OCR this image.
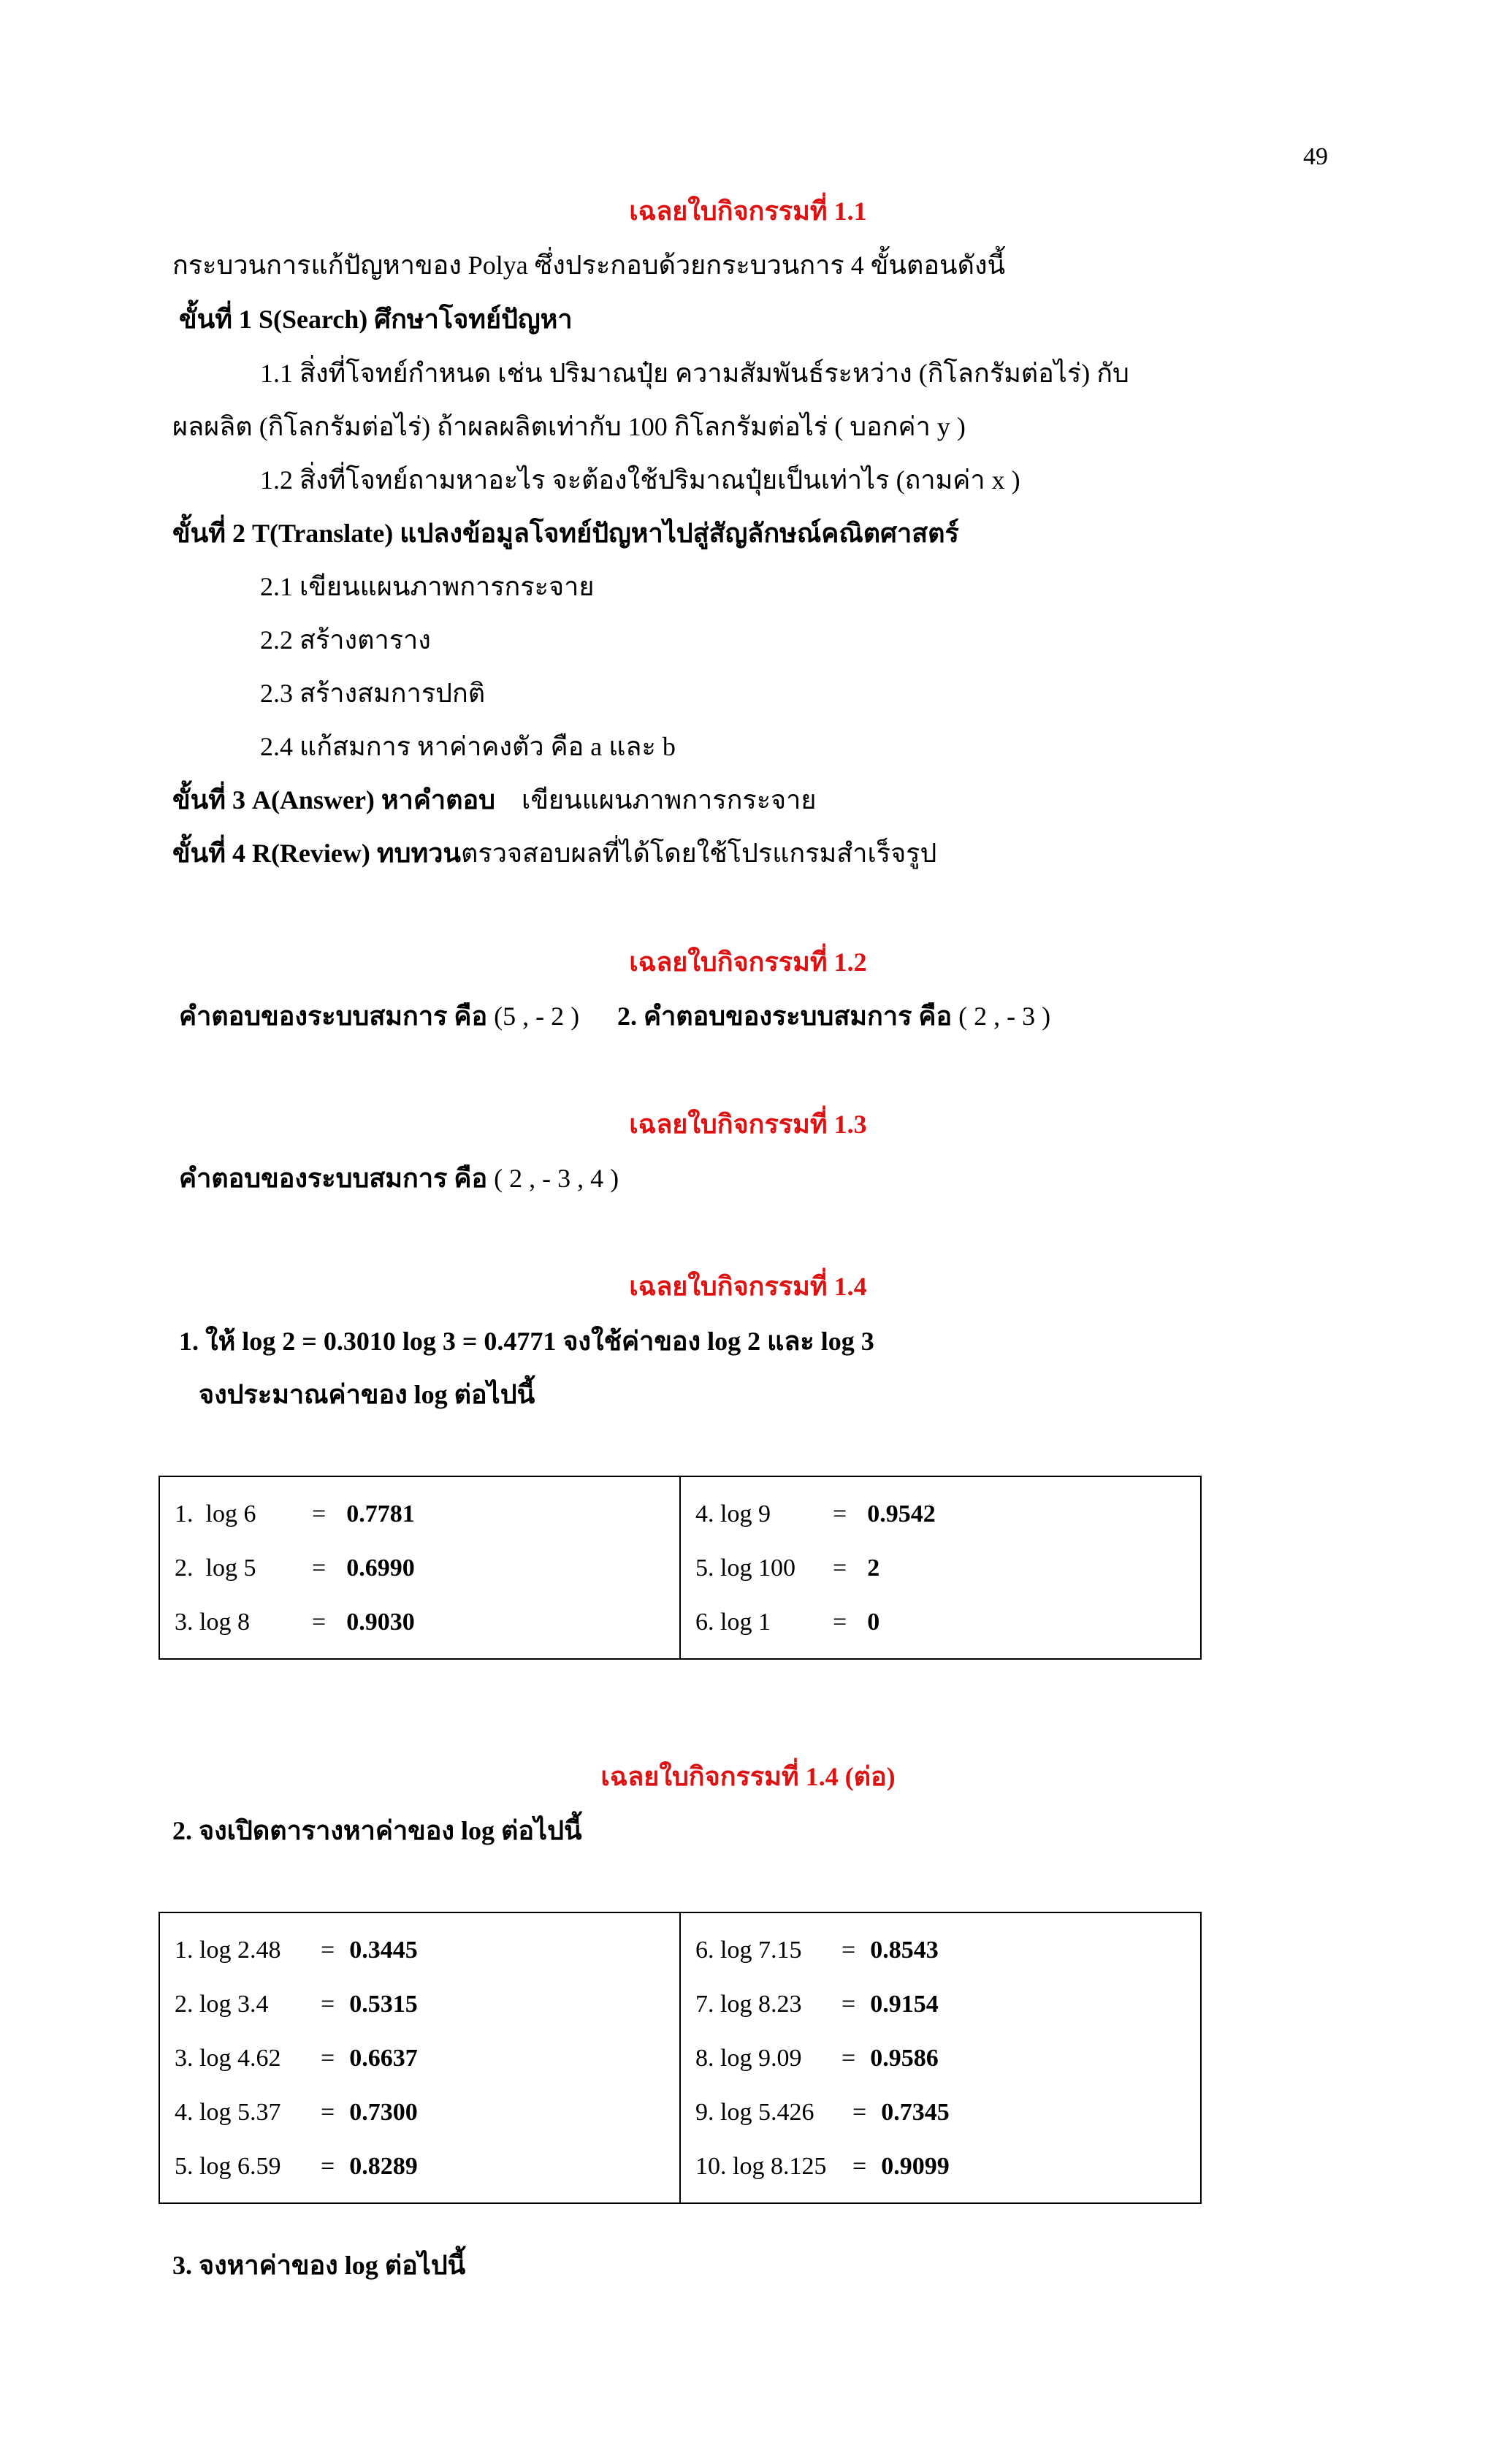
49
เฉลยใบกิจกรรมที่ 1.1
กระบวนการแก้ปัญหาของ Polya ซึ่งประกอบด้วยกระบวนการ 4 ขั้นตอนดังนี้
ขั้นที่ 1 S(Search) ศึกษาโจทย์ปัญหา
1.1 สิ่งที่โจทย์กำหนด เช่น ปริมาณปุ๋ย ความสัมพันธ์ระหว่าง (กิโลกรัมต่อไร่) กับ
ผลผลิต (กิโลกรัมต่อไร่) ถ้าผลผลิตเท่ากับ 100 กิโลกรัมต่อไร่ ( บอกค่า y )
1.2 สิ่งที่โจทย์ถามหาอะไร จะต้องใช้ปริมาณปุ๋ยเป็นเท่าไร (ถามค่า x )
ขั้นที่ 2 T(Translate) แปลงข้อมูลโจทย์ปัญหาไปสู่สัญลักษณ์คณิตศาสตร์
2.1 เขียนแผนภาพการกระจาย
2.2 สร้างตาราง
2.3 สร้างสมการปกติ
2.4 แก้สมการ หาค่าคงตัว คือ a และ b
ขั้นที่ 3 A(Answer) หาคำตอบ เขียนแผนภาพการกระจาย
ขั้นที่ 4 R(Review) ทบทวนตรวจสอบผลที่ได้โดยใช้โปรแกรมสำเร็จรูป
เฉลยใบกิจกรรมที่ 1.2
คำตอบของระบบสมการ คือ (5 , - 2 ) 2. คำตอบของระบบสมการ คือ ( 2 , - 3 )
เฉลยใบกิจกรรมที่ 1.3
คำตอบของระบบสมการ คือ ( 2 , - 3 , 4 )
เฉลยใบกิจกรรมที่ 1.4
1. ให้ log 2 = 0.3010 log 3 = 0.4771 จงใช้ค่าของ log 2 และ log 3
จงประมาณค่าของ log ต่อไปนี้
1.  log 6	= 0.7781
2.  log 5	= 0.6990
3. log 8	= 0.9030

4. log 9	= 0.9542
5. log 100	= 2
6. log 1	= 0
เฉลยใบกิจกรรมที่ 1.4 (ต่อ)
2. จงเปิดตารางหาค่าของ log ต่อไปนี้
1. log 2.48	= 0.3445
2. log 3.4	= 0.5315
3. log 4.62	= 0.6637
4. log 5.37	= 0.7300
5. log 6.59	= 0.8289

6. log 7.15	= 0.8543
7. log 8.23	= 0.9154
8. log 9.09	= 0.9586
9. log 5.426	= 0.7345
10. log 8.125	= 0.9099
3. จงหาค่าของ log ต่อไปนี้
